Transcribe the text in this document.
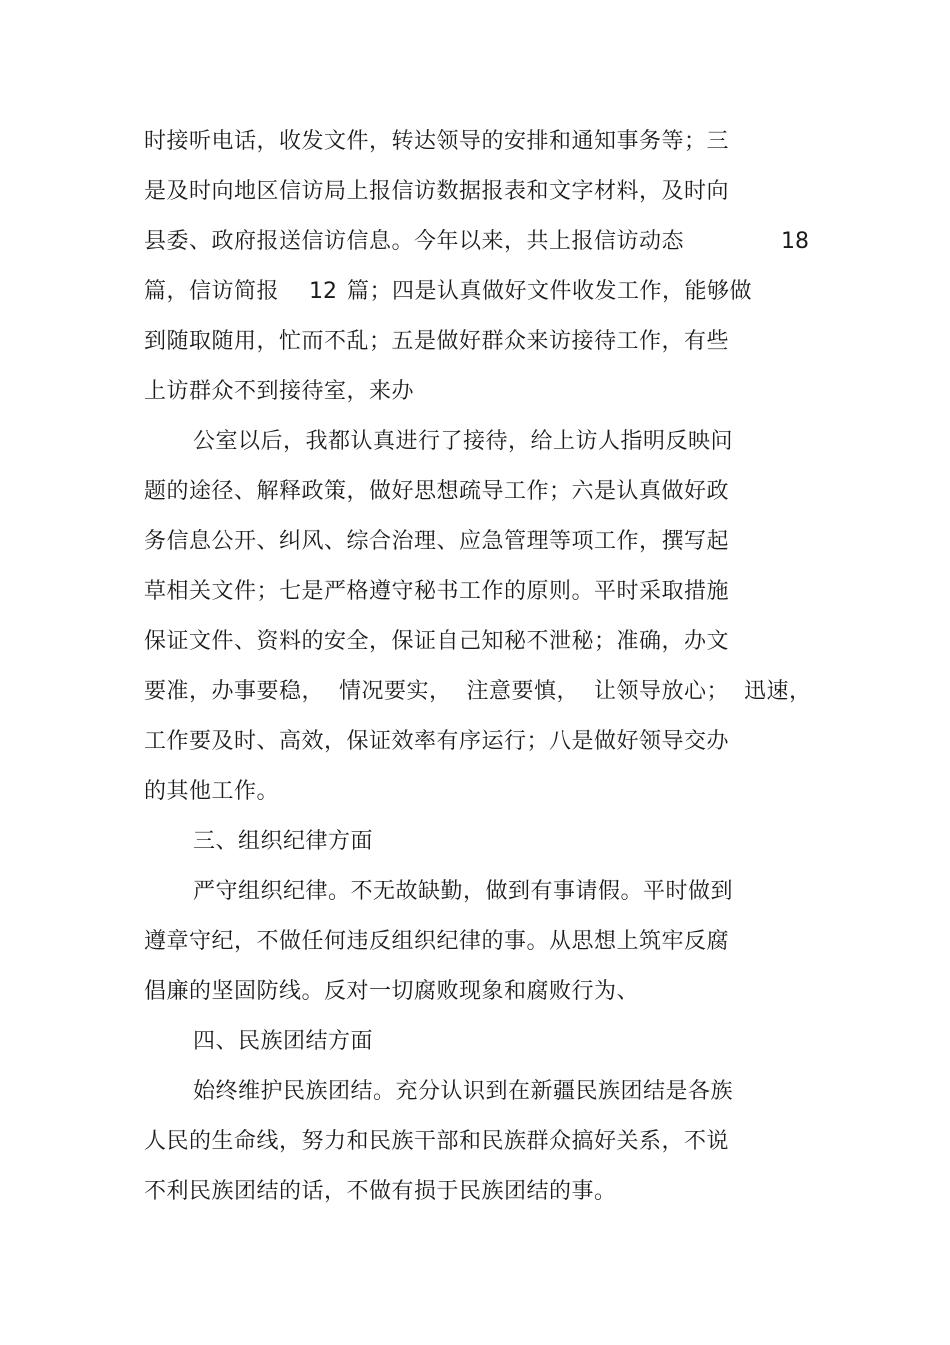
时接听电话，收发文件，转达领导的安排和通知事务等；三
是及时向地区信访局上报信访数据报表和文字材料，及时向
县委、政府报送信访信息。今年以来，共上报信访动态	18
篇，信访简报 12 篇；四是认真做好文件收发工作，能够做
到随取随用，忙而不乱；五是做好群众来访接待工作，有些
上访群众不到接待室，来办
公室以后，我都认真进行了接待，给上访人指明反映问
题的途径、解释政策，做好思想疏导工作；六是认真做好政
务信息公开、纠风、综合治理、应急管理等项工作，撰写起
草相关文件；七是严格遵守秘书工作的原则。平时采取措施
保证文件、资料的安全，保证自己知秘不泄秘；准确，办文
要准，办事要稳，  情况要实，  注意要慎，  让领导放心；  迅速，
工作要及时、高效，保证效率有序运行；八是做好领导交办
的其他工作。
三、组织纪律方面
严守组织纪律。不无故缺勤，做到有事请假。平时做到
遵章守纪，不做任何违反组织纪律的事。从思想上筑牢反腐
倡廉的坚固防线。反对一切腐败现象和腐败行为、
四、民族团结方面
始终维护民族团结。充分认识到在新疆民族团结是各族
人民的生命线，努力和民族干部和民族群众搞好关系，不说
不利民族团结的话，不做有损于民族团结的事。
